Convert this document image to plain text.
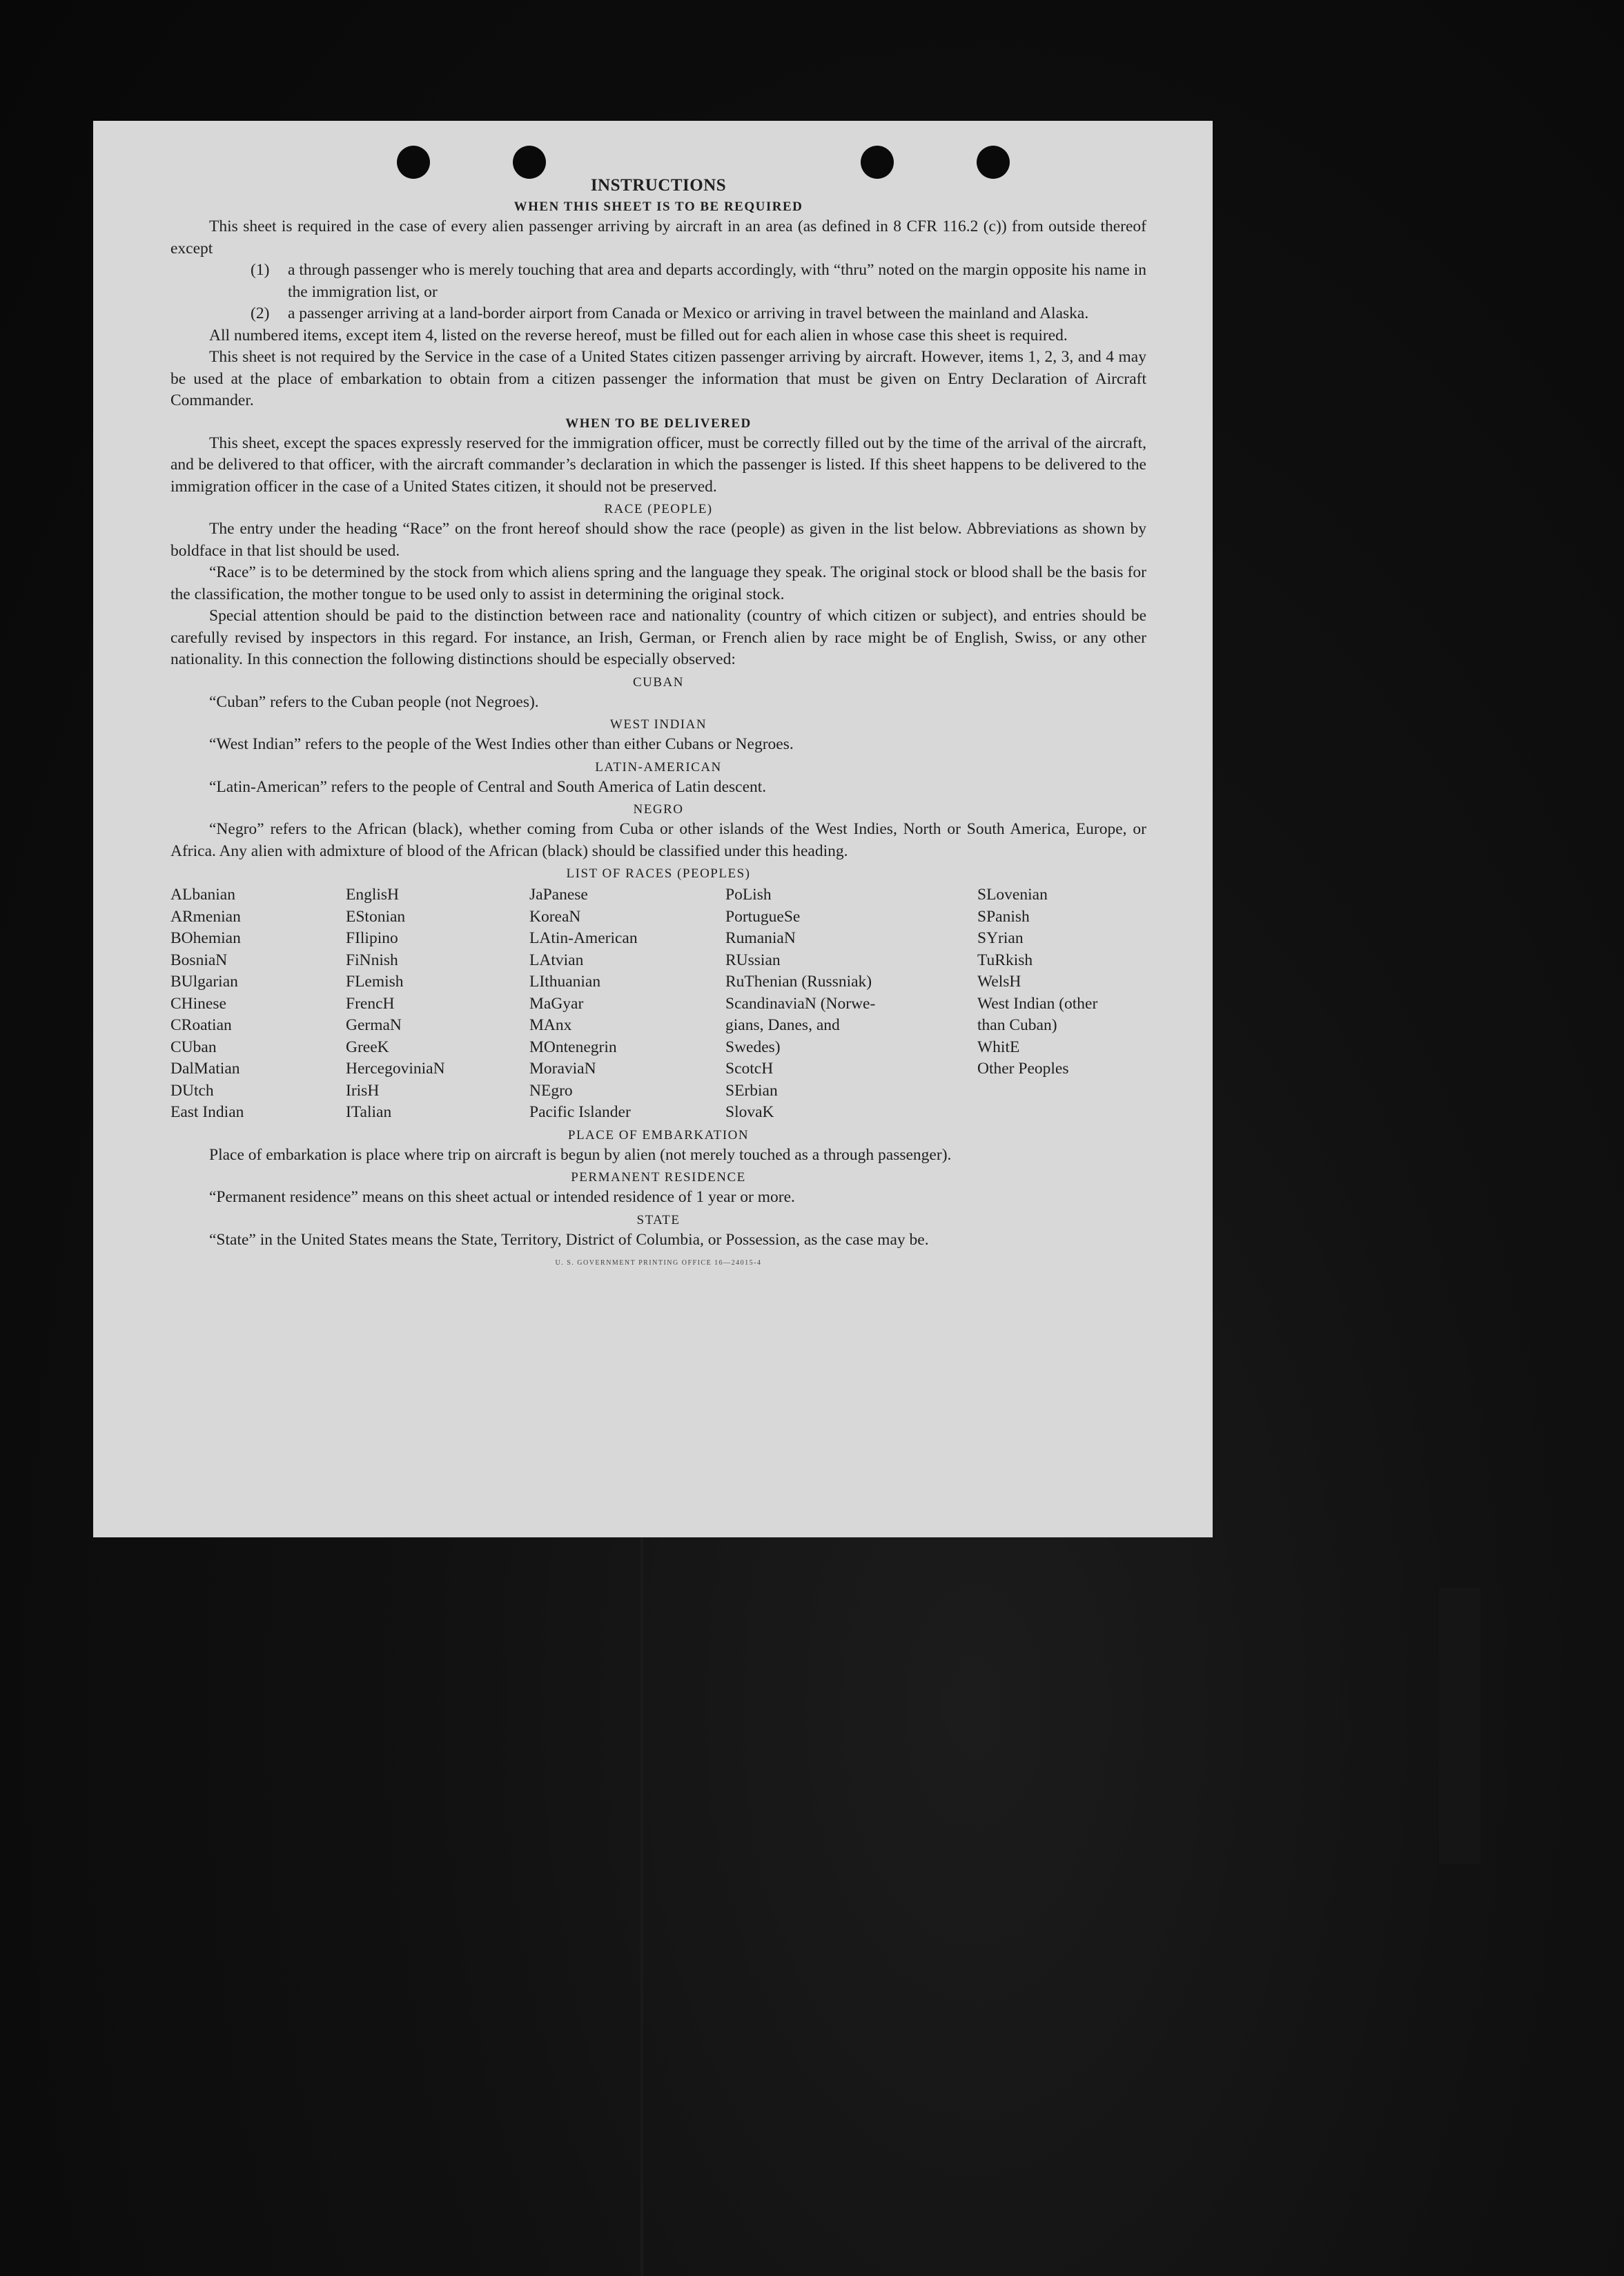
INSTRUCTIONS
WHEN THIS SHEET IS TO BE REQUIRED

This sheet is required in the case of every alien passenger arriving by aircraft in an area (as defined in 8 CFR 116.2 (c)) from outside thereof except

(1)	a through passenger who is merely touching that area and departs accordingly, with “thru” noted on the margin opposite his name in the immigration list, or
(2)	a passenger arriving at a land-border airport from Canada or Mexico or arriving in travel between the mainland and Alaska.

All numbered items, except item 4, listed on the reverse hereof, must be filled out for each alien in whose case this sheet is required.

This sheet is not required by the Service in the case of a United States citizen passenger arriving by aircraft. However, items 1, 2, 3, and 4 may be used at the place of embarkation to obtain from a citizen passenger the information that must be given on Entry Declaration of Aircraft Commander.

WHEN TO BE DELIVERED

This sheet, except the spaces expressly reserved for the immigration officer, must be correctly filled out by the time of the arrival of the aircraft, and be delivered to that officer, with the aircraft commander’s declaration in which the passenger is listed. If this sheet happens to be delivered to the immigration officer in the case of a United States citizen, it should not be preserved.

RACE (PEOPLE)

The entry under the heading “Race” on the front hereof should show the race (people) as given in the list below. Abbreviations as shown by boldface in that list should be used.

“Race” is to be determined by the stock from which aliens spring and the language they speak. The original stock or blood shall be the basis for the classification, the mother tongue to be used only to assist in determining the original stock.

Special attention should be paid to the distinction between race and nationality (country of which citizen or subject), and entries should be carefully revised by inspectors in this regard. For instance, an Irish, German, or French alien by race might be of English, Swiss, or any other nationality. In this connection the following distinctions should be especially observed:

CUBAN

“Cuban” refers to the Cuban people (not Negroes).

WEST INDIAN

“West Indian” refers to the people of the West Indies other than either Cubans or Negroes.

LATIN-AMERICAN

“Latin-American” refers to the people of Central and South America of Latin descent.

NEGRO

“Negro” refers to the African (black), whether coming from Cuba or other islands of the West Indies, North or South America, Europe, or Africa. Any alien with admixture of blood of the African (black) should be classified under this heading.

LIST OF RACES (PEOPLES)
ALbanian
ARmenian
BOhemian
BosniaN
BUlgarian
CHinese
CRoatian
CUban
DalMatian
DUtch
East Indian
EnglisH
EStonian
FIlipino
FiNnish
FLemish
FrencH
GermaN
GreeK
HercegoviniaN
IrisH
ITalian
JaPanese
KoreaN
LAtin-American
LAtvian
LIthuanian
MaGyar
MAnx
MOntenegrin
MoraviaN
NEgro
Pacific Islander
PoLish
PortugueSe
RumaniaN
RUssian
RuThenian (Russniak)
ScandinaviaN (Norwe-
gians, Danes, and
Swedes)
ScotcH
SErbian
SlovaK
SLovenian
SPanish
SYrian
TuRkish
WelsH
West Indian (other
than Cuban)
WhitE
Other Peoples
PLACE OF EMBARKATION

Place of embarkation is place where trip on aircraft is begun by alien (not merely touched as a through passenger).

PERMANENT RESIDENCE

“Permanent residence” means on this sheet actual or intended residence of 1 year or more.

STATE

“State” in the United States means the State, Territory, District of Columbia, or Possession, as the case may be.

U. S. GOVERNMENT PRINTING OFFICE 16—24015-4
